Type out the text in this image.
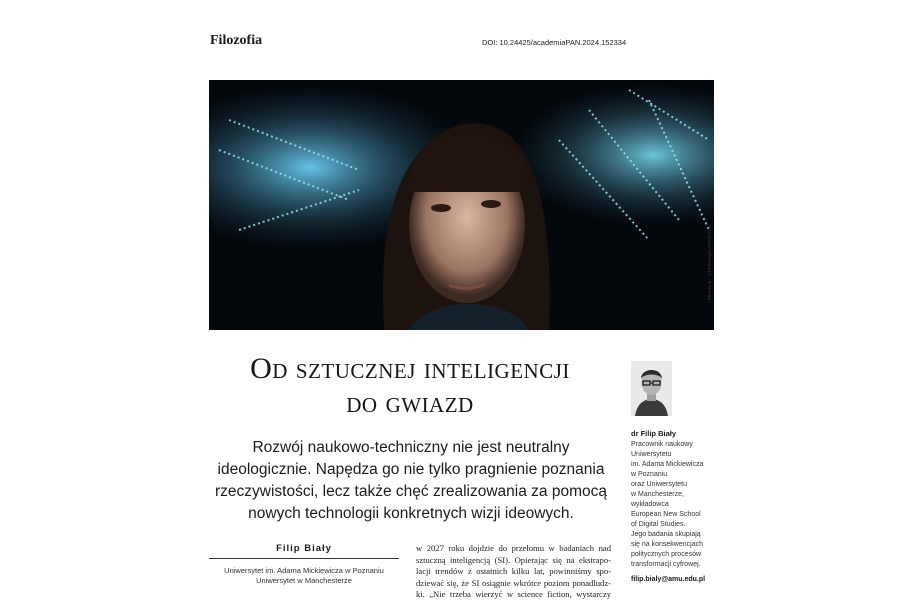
Filozofia	DOI: 10.24425/academiaPAN.2024.152334
PEXELS · UFFRIENDLYPHOTOG
Od sztucznej inteligencji
do gwiazd
Rozwój naukowo-techniczny nie jest neutralny ideologicznie. Napędza go nie tylko pragnienie poznania rzeczywistości, lecz także chęć zrealizowania za pomocą nowych technologii konkretnych wizji ideowych.
Filip Biały
Uniwersytet im. Adama Mickiewicza w Poznaniu
Uniwersytet w Manchesterze
w 2027 roku dojdzie do przełomu w badaniach nad
sztuczną inteligencją (SI). Opierając się na ekstrapo-
lacji trendów z ostatnich kilku lat, powinniśmy spo-
dziewać się, że SI osiągnie wkrótce poziom ponadludz-
ki. „Nie trzeba wierzyć w science fiction, wystarczy
dr Filip Biały
Pracownik naukowy
Uniwersytetu
im. Adama Mickiewicza
w Poznaniu
oraz Uniwersytetu
w Manchesterze,
wykładowca
European New School
of Digital Studies.
Jego badania skupiają
się na konsekwencjach
politycznych procesów
transformacji cyfrowej.
filip.bialy@amu.edu.pl
